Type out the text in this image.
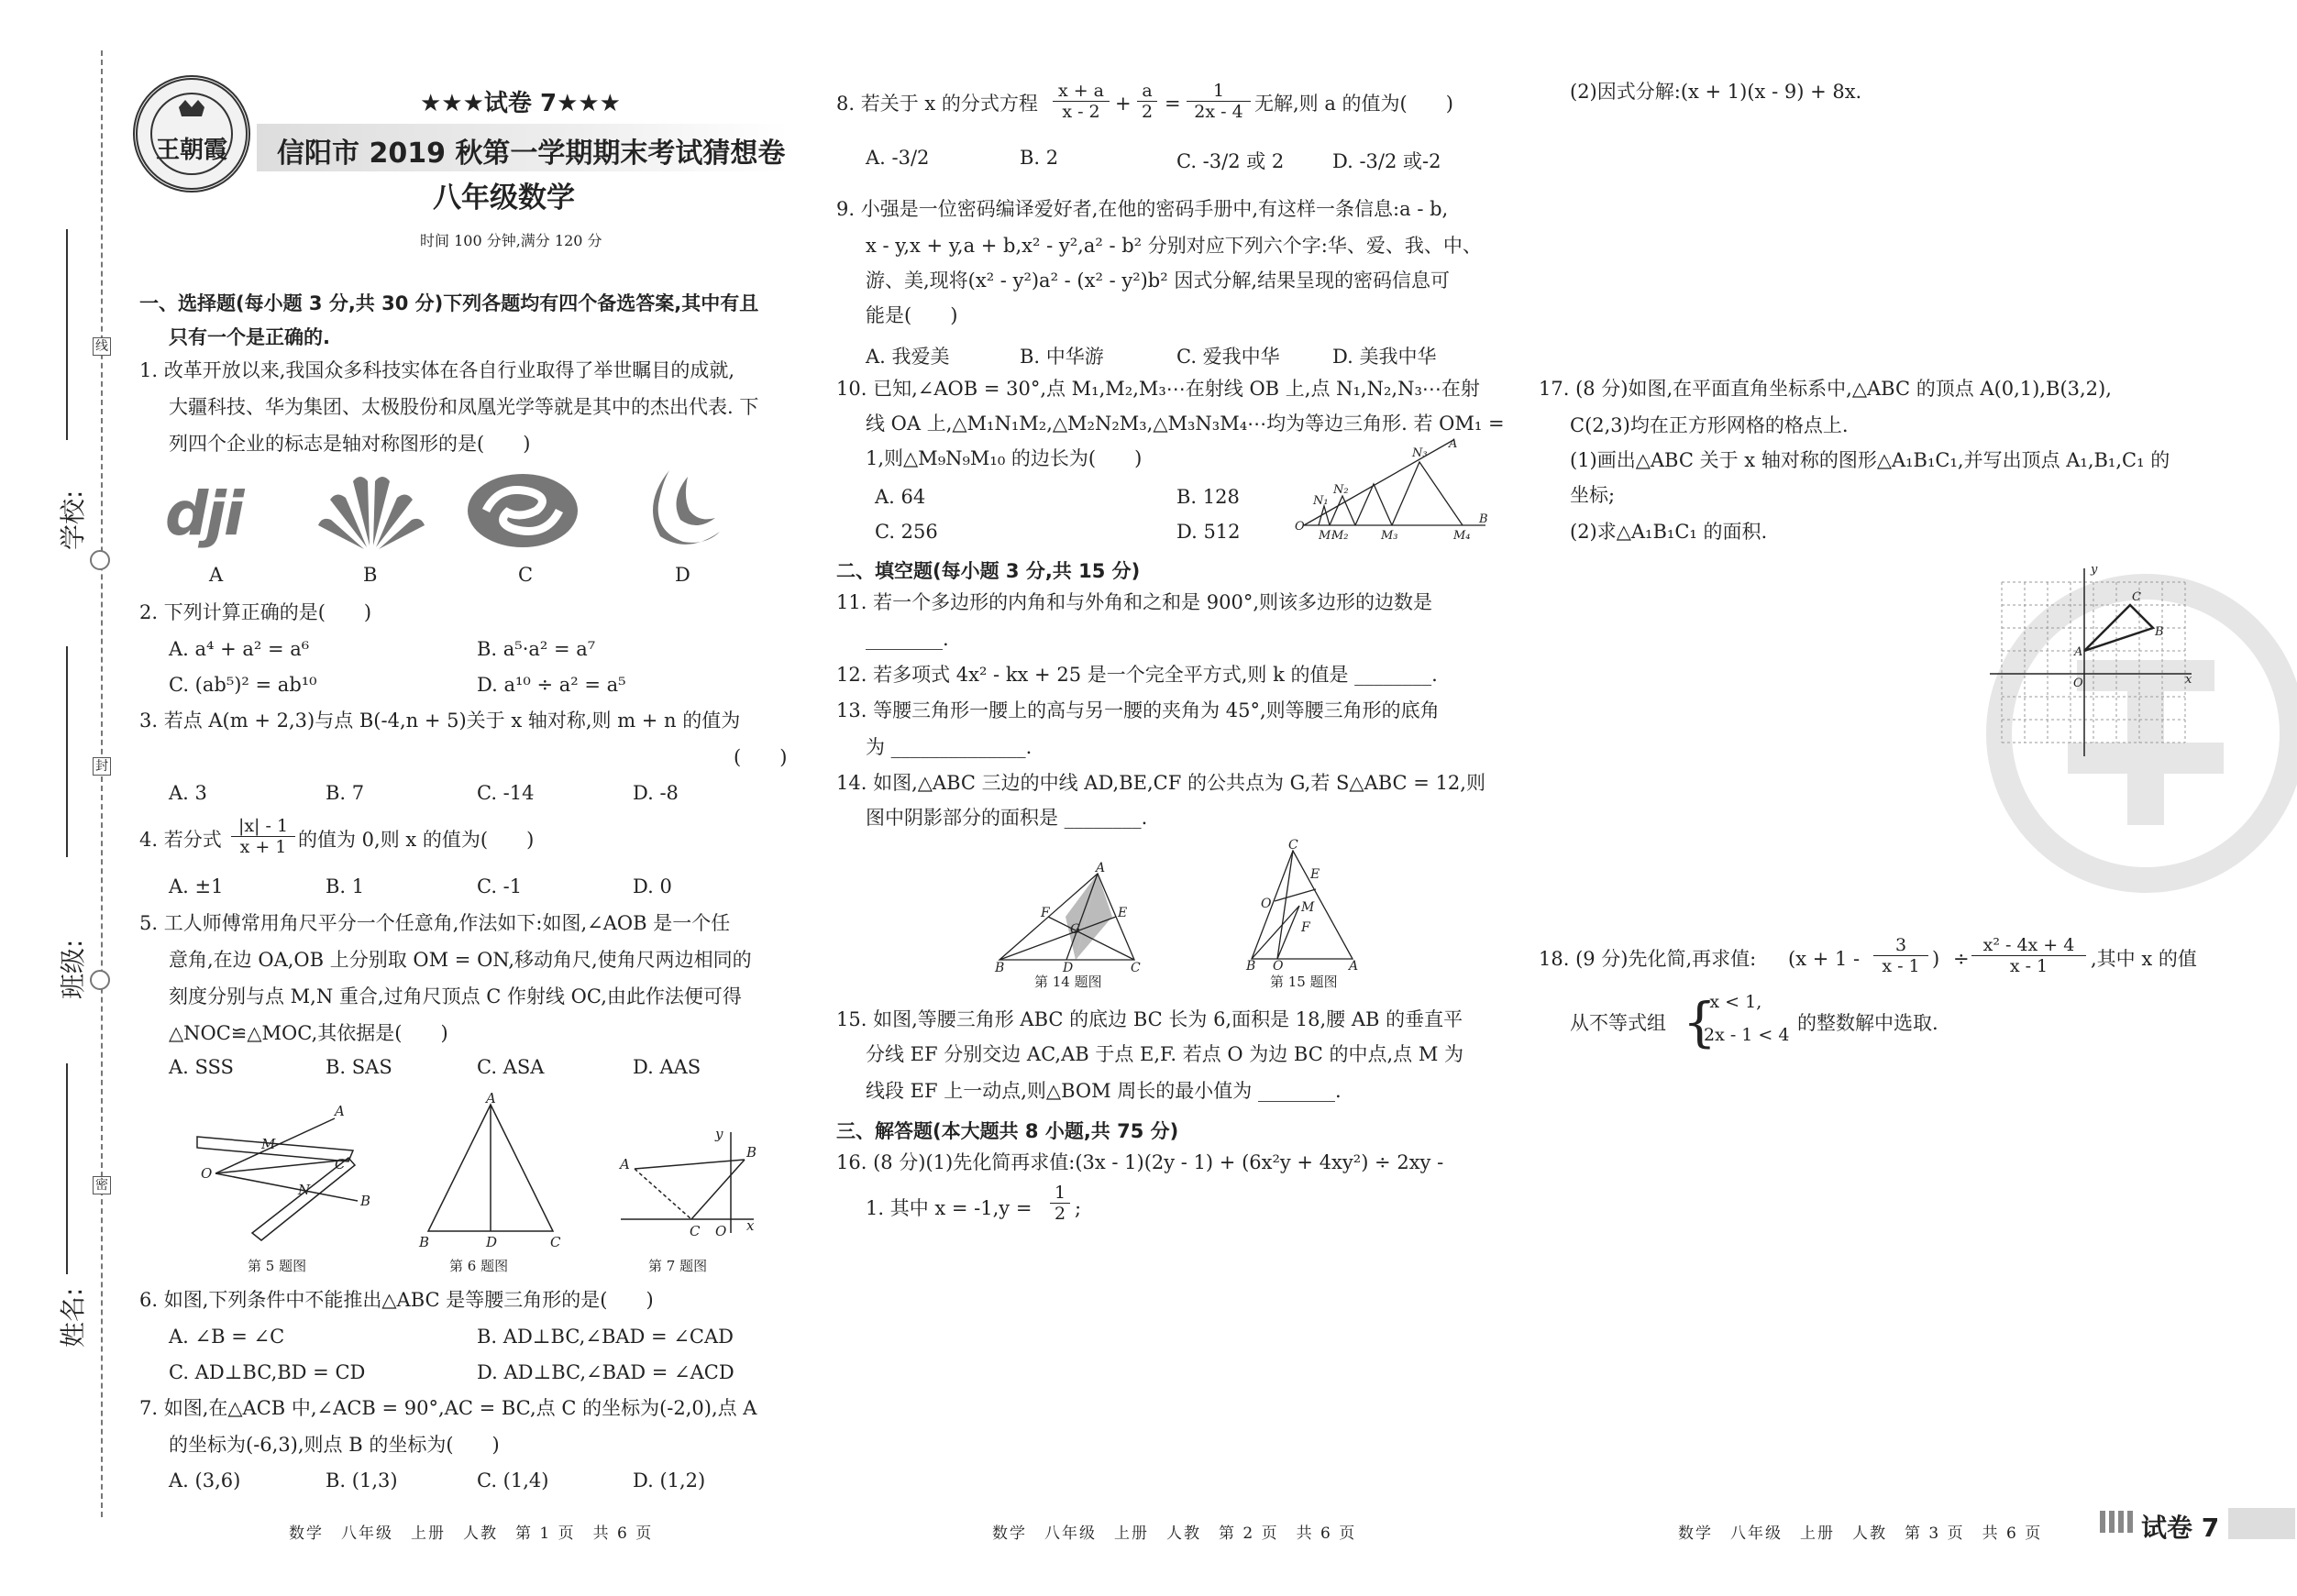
线
封
密
学校:
班级:
姓名:
王朝霞
★★★试卷 7★★★
信阳市 2019 秋第一学期期末考试猜想卷
八年级数学
时间 100 分钟,满分 120 分
一、选择题(每小题 3 分,共 30 分)下列各题均有四个备选答案,其中有且
只有一个是正确的.
1. 改革开放以来,我国众多科技实体在各自行业取得了举世瞩目的成就,
大疆科技、华为集团、太极股份和凤凰光学等就是其中的杰出代表. 下
列四个企业的标志是轴对称图形的是(　　)
dji
A	B	C	D
2. 下列计算正确的是(　　)
A. a⁴ + a² = a⁶	B. a⁵·a² = a⁷
C. (ab⁵)² = ab¹⁰	D. a¹⁰ ÷ a² = a⁵
3. 若点 A(m + 2,3)与点 B(-4,n + 5)关于 x 轴对称,则 m + n 的值为
(　　)
A. 3	B. 7	C. -14	D. -8
4. 若分式 $\frac{|x| - 1}{x + 1}$ 的值为 0,则 x 的值为(　　)
A. ±1	B. 1	C. -1	D. 0
5. 工人师傅常用角尺平分一个任意角,作法如下:如图,∠AOB 是一个任
意角,在边 OA,OB 上分别取 OM = ON,移动角尺,使角尺两边相同的
刻度分别与点 M,N 重合,过角尺顶点 C 作射线 OC,由此作法便可得
△NOC≌△MOC,其依据是(　　)
A. SSS	B. SAS	C. ASA	D. AAS
A
B
O
M
N
C
第 5 题图
A
B	D	C
第 6 题图
A
B
C O x
y
第 7 题图
6. 如图,下列条件中不能推出△ABC 是等腰三角形的是(　　)
A. ∠B = ∠C	B. AD⊥BC,∠BAD = ∠CAD
C. AD⊥BC,BD = CD	D. AD⊥BC,∠BAD = ∠ACD
7. 如图,在△ACB 中,∠ACB = 90°,AC = BC,点 C 的坐标为(-2,0),点 A
的坐标为(-6,3),则点 B 的坐标为(　　)
A. (3,6)	B. (1,3)	C. (1,4)	D. (1,2)
数学　八年级　上册　人教　第 1 页　共 6 页
8. 若关于 x 的分式方程 $\frac{x + a}{x - 2} + \frac{a}{2} = \frac{1}{2x - 4}$ 无解,则 a 的值为(　　)
A. -3/2	B. 2	C. -3/2 或 2	D. -3/2 或-2
9. 小强是一位密码编译爱好者,在他的密码手册中,有这样一条信息:a - b,
x - y,x + y,a + b,x² - y²,a² - b² 分别对应下列六个字:华、爱、我、中、
游、美,现将(x² - y²)a² - (x² - y²)b² 因式分解,结果呈现的密码信息可
能是(　　)
A. 我爱美	B. 中华游	C. 爱我中华	D. 美我中华
10. 已知,∠AOB = 30°,点 M₁,M₂,M₃⋯在射线 OB 上,点 N₁,N₂,N₃⋯在射
线 OA 上,△M₁N₁M₂,△M₂N₂M₃,△M₃N₃M₄⋯均为等边三角形. 若 OM₁ =
1,则△M₉N₉M₁₀ 的边长为(　　)
A. 64	B. 128
C. 256	D. 512	O
B
A
M₁
M₂	M₃	M₄
N₁
N₂
N₃
二、填空题(每小题 3 分,共 15 分)
11. 若一个多边形的内角和与外角和之和是 900°,则该多边形的边数是
________.
12. 若多项式 4x² - kx + 25 是一个完全平方式,则 k 的值是 ________.
13. 等腰三角形一腰上的高与另一腰的夹角为 45°,则等腰三角形的底角
为 ______________.
14. 如图,△ABC 三边的中线 AD,BE,CF 的公共点为 G,若 S△ABC = 12,则
图中阴影部分的面积是 ________.
A
B	D	C
F	E
G
第 14 题图
C
B O	A
O
E
M
F
第 15 题图
15. 如图,等腰三角形 ABC 的底边 BC 长为 6,面积是 18,腰 AB 的垂直平
分线 EF 分别交边 AC,AB 于点 E,F. 若点 O 为边 BC 的中点,点 M 为
线段 EF 上一动点,则△BOM 周长的最小值为 ________.
三、解答题(本大题共 8 小题,共 75 分)
16. (8 分)(1)先化简再求值:(3x - 1)(2y - 1) + (6x²y + 4xy²) ÷ 2xy -
1. 其中 $x = -1,y = \frac{1}{2}$ ;
数学　八年级　上册　人教　第 2 页　共 6 页
(2)因式分解:(x + 1)(x - 9) + 8x.
17. (8 分)如图,在平面直角坐标系中,△ABC 的顶点 A(0,1),B(3,2),
C(2,3)均在正方形网格的格点上.
(1)画出△ABC 关于 x 轴对称的图形△A₁B₁C₁,并写出顶点 A₁,B₁,C₁ 的
坐标;
(2)求△A₁B₁C₁ 的面积.
y
x
O
A
B
C
18. (9 分)先化简,再求值: ($x + 1 - \frac{3}{x - 1}$ ) ÷ $\frac{\text{x² - 4x + 4}}{x - 1}$ ,其中 x 的值
从不等式组 {
-x < 1,
2x - 1 < 4
的整数解中选取.
数学　八年级　上册　人教　第 3 页　共 6 页	试卷 7
